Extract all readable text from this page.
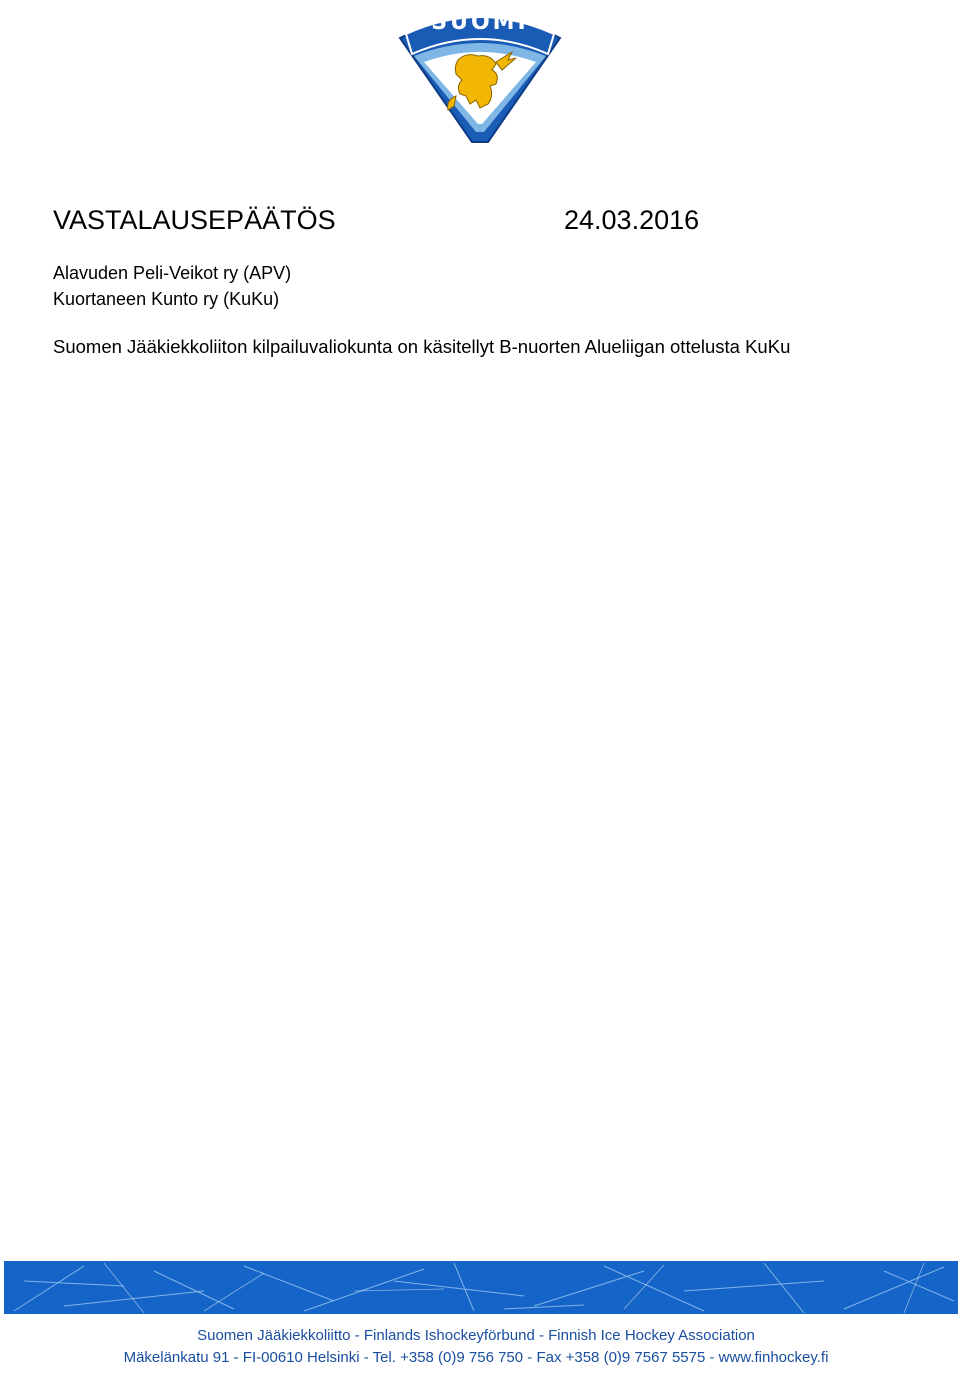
SUOMI
VASTALAUSEPÄÄTÖS	24.03.2016
Alavuden Peli-Veikot ry (APV)
Kuortaneen Kunto ry (KuKu)
Suomen Jääkiekkoliiton kilpailuvaliokunta on käsitellyt B-nuorten Alueliigan ottelusta KuKu
Suomen Jääkiekkoliitto - Finlands Ishockeyförbund - Finnish Ice Hockey Association
Mäkelänkatu 91 - FI-00610 Helsinki - Tel. +358 (0)9 756 750 - Fax +358 (0)9 7567 5575 - www.finhockey.fi
